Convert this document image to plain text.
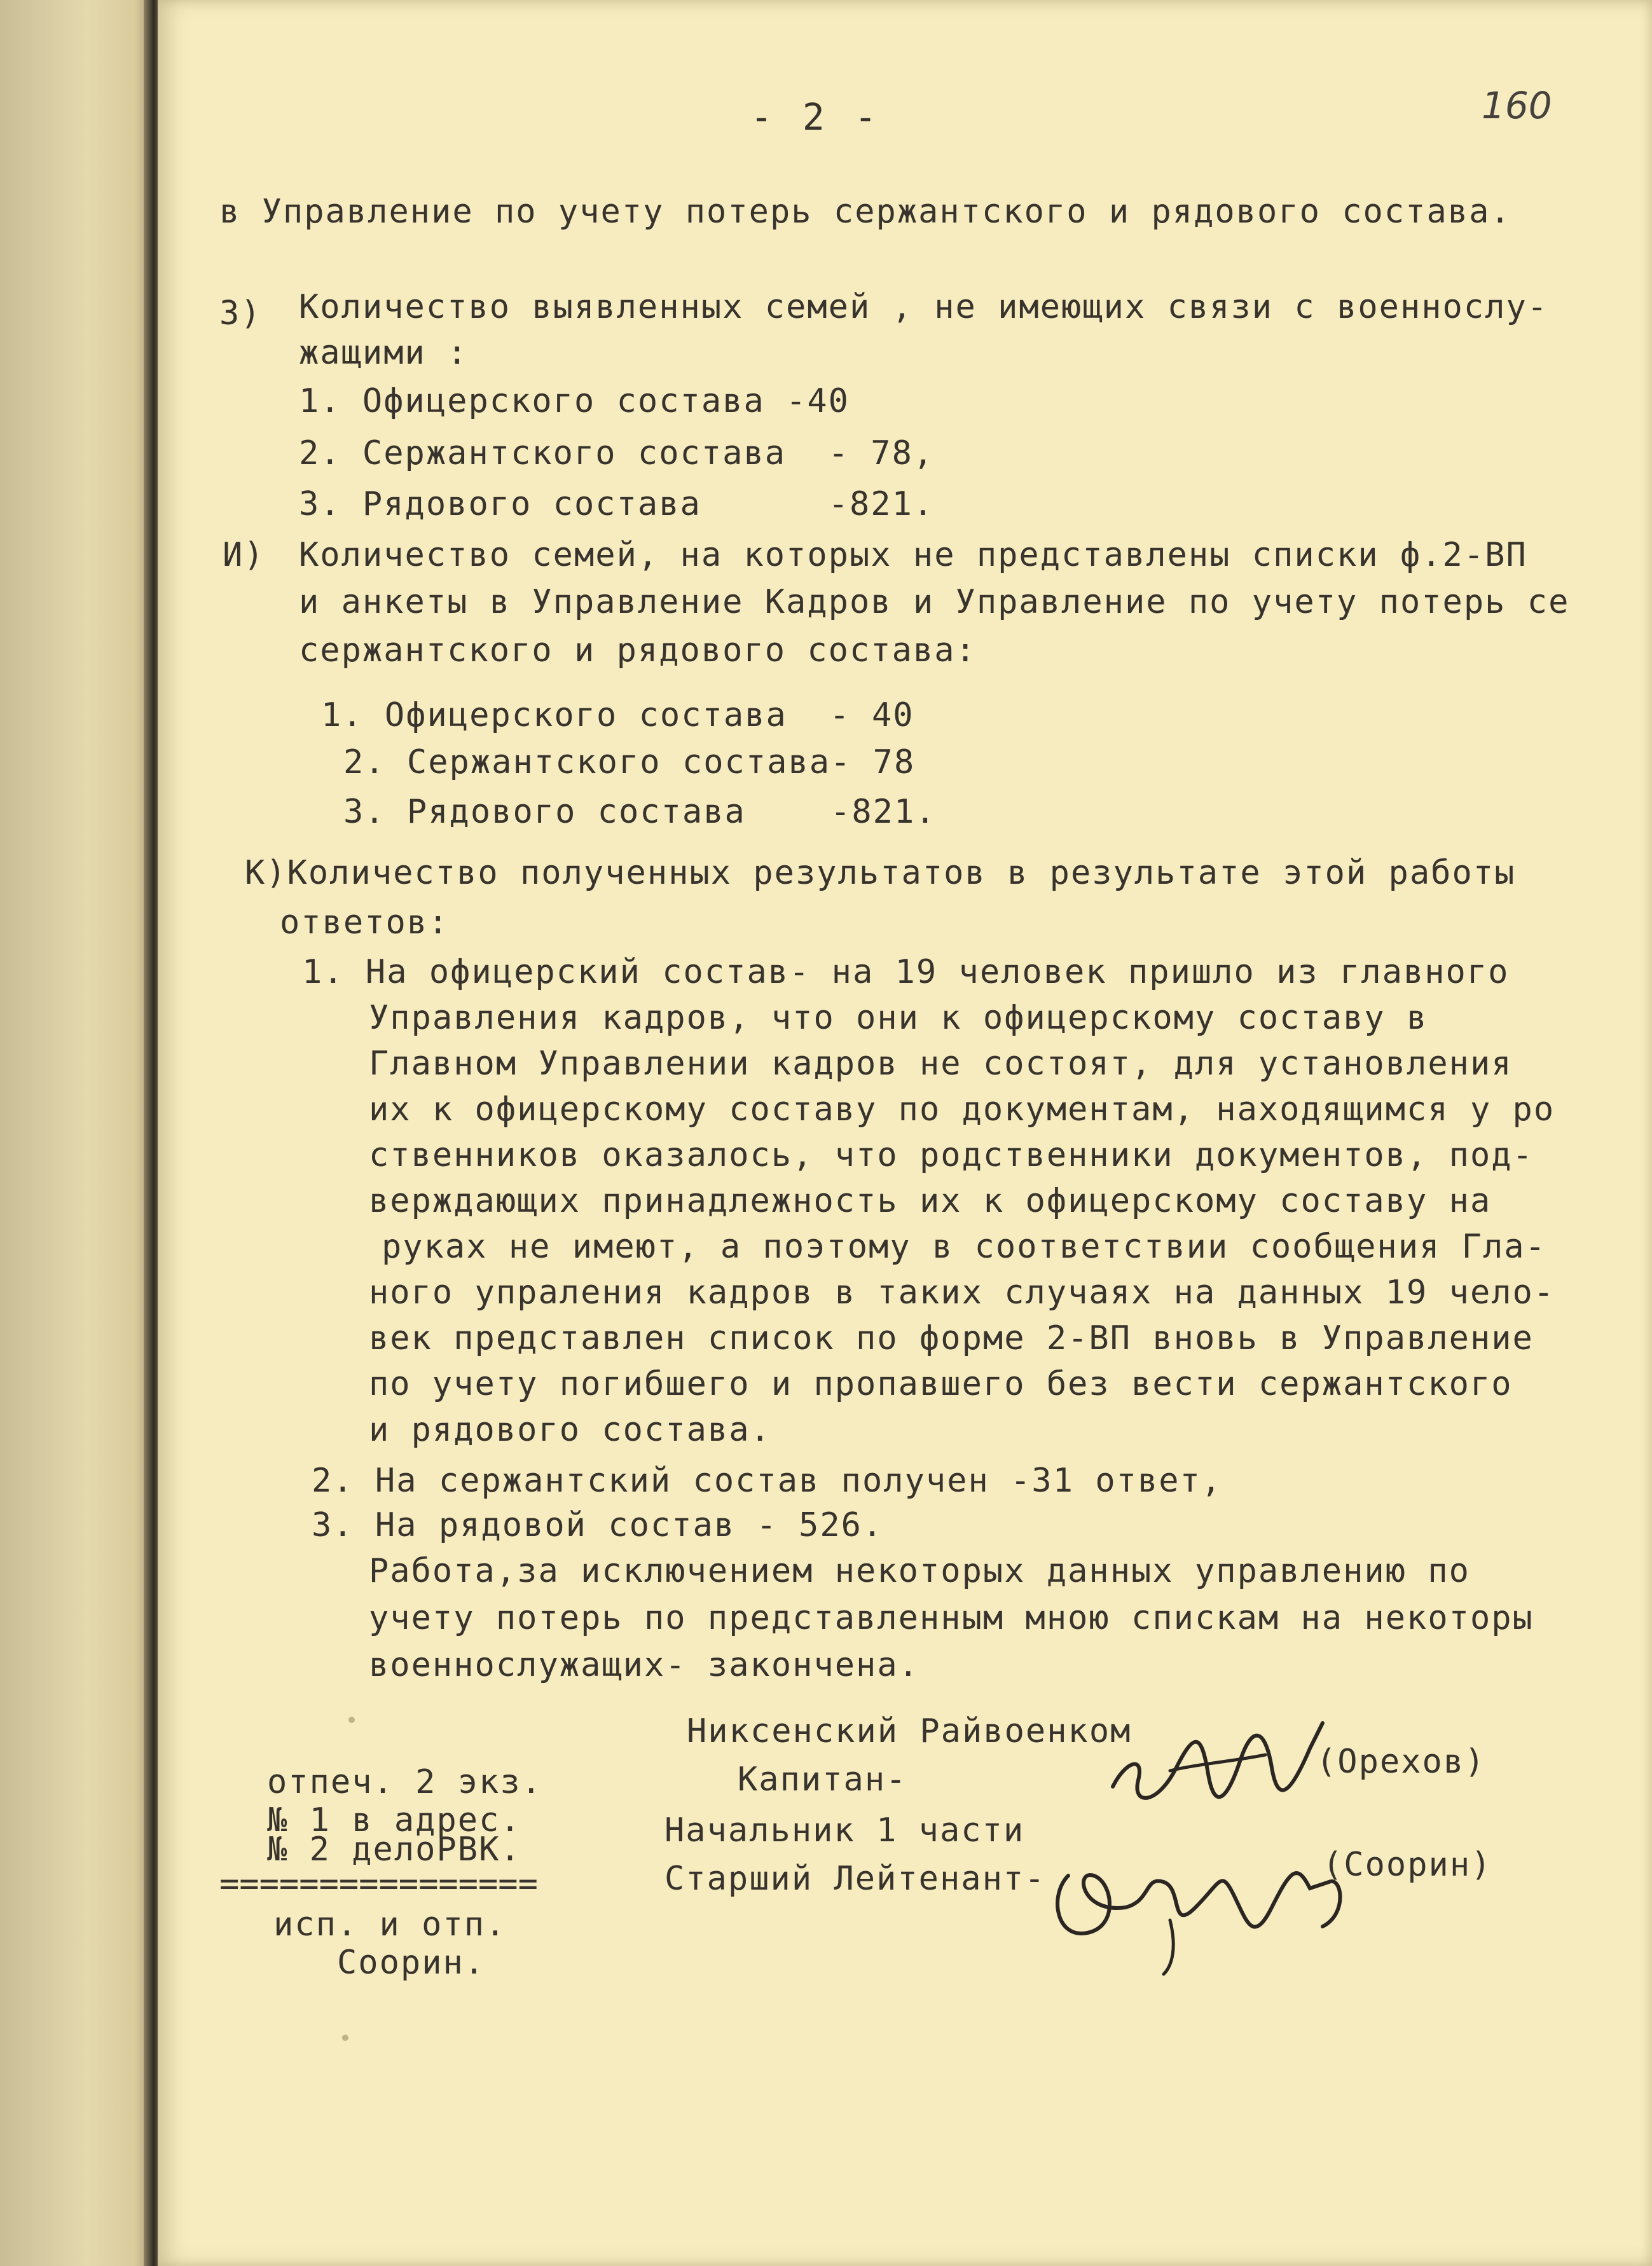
- 2 -	160

в Управление по учету потерь сержантского и рядового состава.

3) Количество выявленных семей , не имеющих связи с военнослу-

жащими :

1. Офицерского состава -40

2. Сержантского состава  - 78,

3. Рядового состава      -821.

И) Количество семей, на которых не представлены списки ф.2-ВП

и анкеты в Управление Кадров и Управление по учету потерь се

сержантского и рядового состава:

1. Офицерского состава  - 40

2. Сержантского состава- 78

3. Рядового состава    -821.

К)Количество полученных результатов в результате этой работы

ответов:

1. На офицерский состав- на 19 человек пришло из главного

Управления кадров, что они к офицерскому составу в

Главном Управлении кадров не состоят, для установления

их к офицерскому составу по документам, находящимся у ро

ственников оказалось, что родственники документов, под-

верждающих принадлежность их к офицерскому составу на

руках не имеют, а поэтому в соответствии сообщения Гла-

ного упраления кадров в таких случаях на данных 19 чело-

век представлен список по форме 2-ВП вновь в Управление

по учету погибшего и пропавшего без вести сержантского

и рядового состава.

2. На сержантский состав получен -31 ответ,

3. На рядовой состав - 526.

Работа,за исключением некоторых данных управлению по

учету потерь по представленным мною спискам на некоторы

военнослужащих- закончена.

Никсенский Райвоенком

Капитан-	(Орехов)

Начальник 1 части

Старший Лейтенант-	(Соорин)

отпеч. 2 экз.

№ 1 в адрес.

№ 2 делоРВК.

================

исп. и отп.

Соорин.
